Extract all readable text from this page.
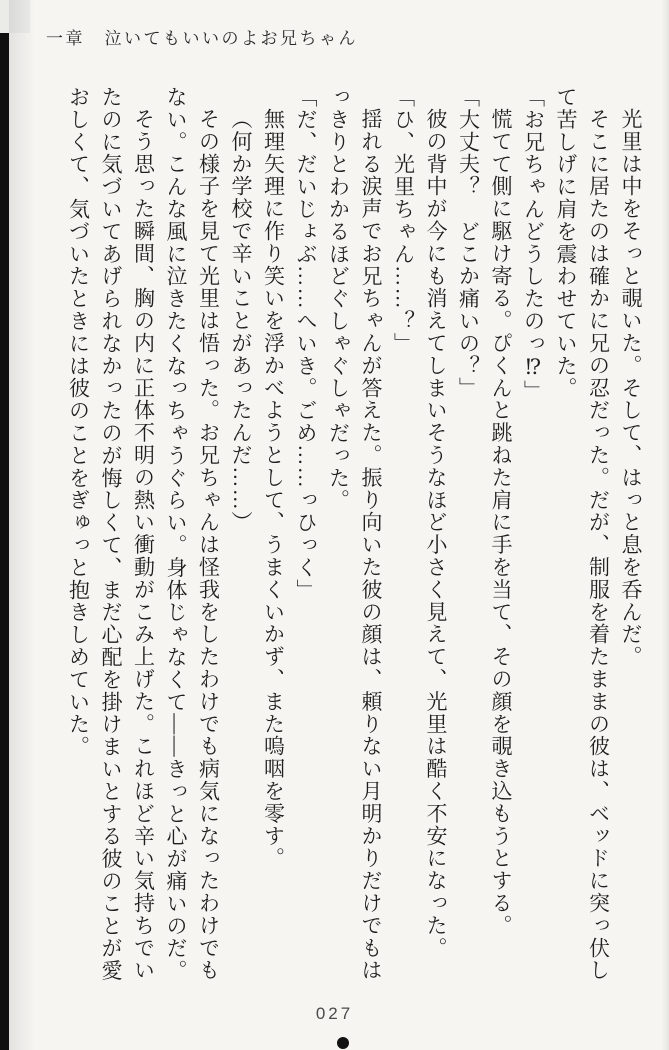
一章　泣いてもいいのよお兄ちゃん
光里は中をそっと覗いた。そして、はっと息を呑んだ。
そこに居たのは確かに兄の忍だった。だが、制服を着たままの彼は、ベッドに突っ伏し
て苦しげに肩を震わせていた。
「お兄ちゃんどうしたのっ⁉」
慌てて側に駆け寄る。ぴくんと跳ねた肩に手を当て、その顔を覗き込もうとする。
「大丈夫？　どこか痛いの？」
彼の背中が今にも消えてしまいそうなほど小さく見えて、光里は酷く不安になった。
「ひ、光里ちゃん……？」
揺れる涙声でお兄ちゃんが答えた。振り向いた彼の顔は、頼りない月明かりだけでもは
っきりとわかるほどぐしゃぐしゃだった。
「だ、だいじょぶ……へいき。ごめ……っひっく」
無理矢理に作り笑いを浮かべようとして、うまくいかず、また嗚咽を零す。
（何か学校で辛いことがあったんだ……）
その様子を見て光里は悟った。お兄ちゃんは怪我をしたわけでも病気になったわけでも
ない。こんな風に泣きたくなっちゃうぐらい。身体じゃなくて――きっと心が痛いのだ。
そう思った瞬間、胸の内に正体不明の熱い衝動がこみ上げた。これほど辛い気持ちでい
たのに気づいてあげられなかったのが悔しくて、まだ心配を掛けまいとする彼のことが愛
おしくて、気づいたときには彼のことをぎゅっと抱きしめていた。
027
